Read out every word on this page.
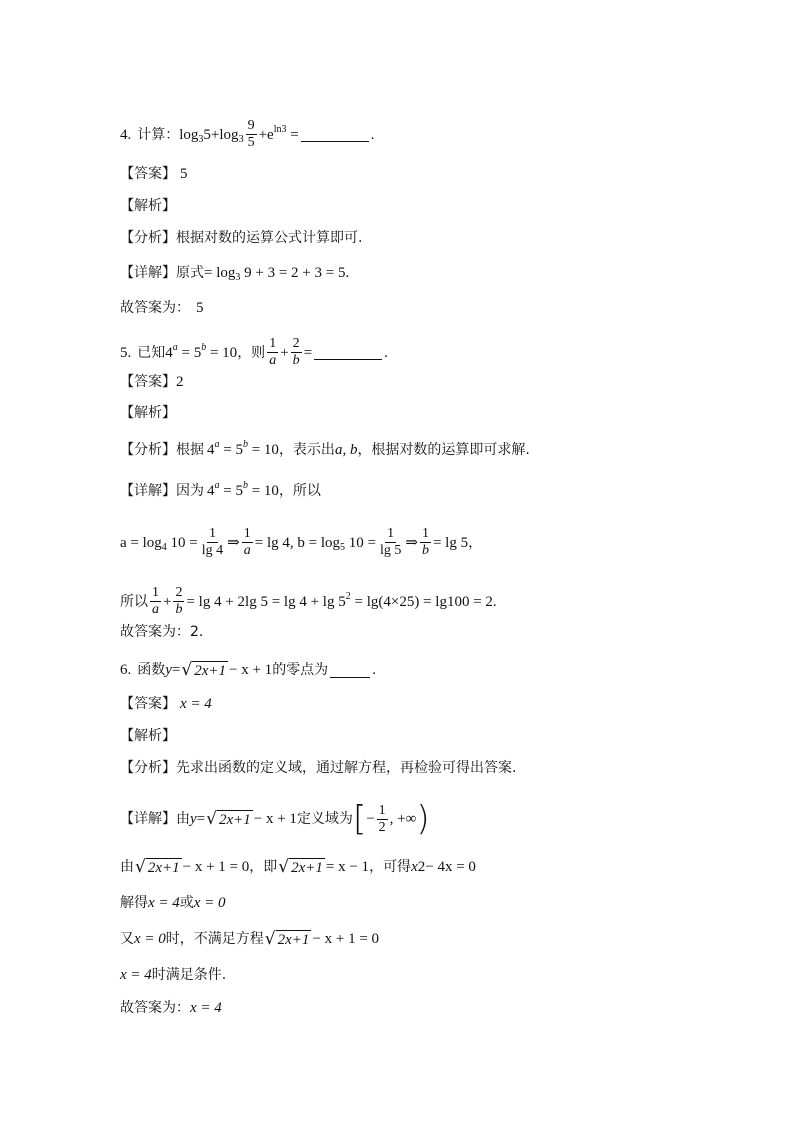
4. 计算： $\log_35+\log_3 \frac{9}{5} +e^{ln3}$ =	.
【答案】 5
【解析】
【分析】 根据对数的运算公式计算即可.
【详解】 原式 = $\log_3 9 + 3 = 2 + 3 = 5$ .
故答案为： 5
5. 已知 $4^a = 5^b = 10$ ，则 $\frac{1}{a} + \frac{2}{b}$ =	.
【答案】 2
【解析】
【分析】 根据 $4^a = 5^b = 10$ ，表示出 a, b ，根据对数的运算即可求解.
【详解】 因为 $4^a = 5^b = 10$ ，所以
$a = \log_4 10 = \frac{1}{\lg 4}$ ⇒ $\frac{1}{a} = \lg 4$, $b = \log_5 10 = \frac{1}{\lg 5}$ ⇒ $\frac{1}{b} = \lg 5$ ，
所以 $\frac{1}{a} + \frac{2}{b} = \lg 4 + 2\lg$ $5 = \lg 4 + \lg 5^2 = \lg(4\times 25) = \lg 100 = 2$ .
故答案为：2.
6. 函数 y = √ 2x+1 − x + 1 的零点为	.
【答案】 x = 4
【解析】
【分析】 先求出函数的定义域，通过解方程，再检验可得出答案.
【详解】 由 y = √ 2x+1 − x + 1 定义域为 [ − $\frac{1}{2}$ , +∞ )
由 √ 2x+1 − x + 1 = 0 ，即 √ 2x+1 = x − 1 ，可得 x 2 − 4x = 0
解得 x = 4 或 x = 0
又 x = 0 时，不满足方程 √ 2x+1 − x + 1 = 0
x = 4 时满足条件.
故答案为： x = 4
